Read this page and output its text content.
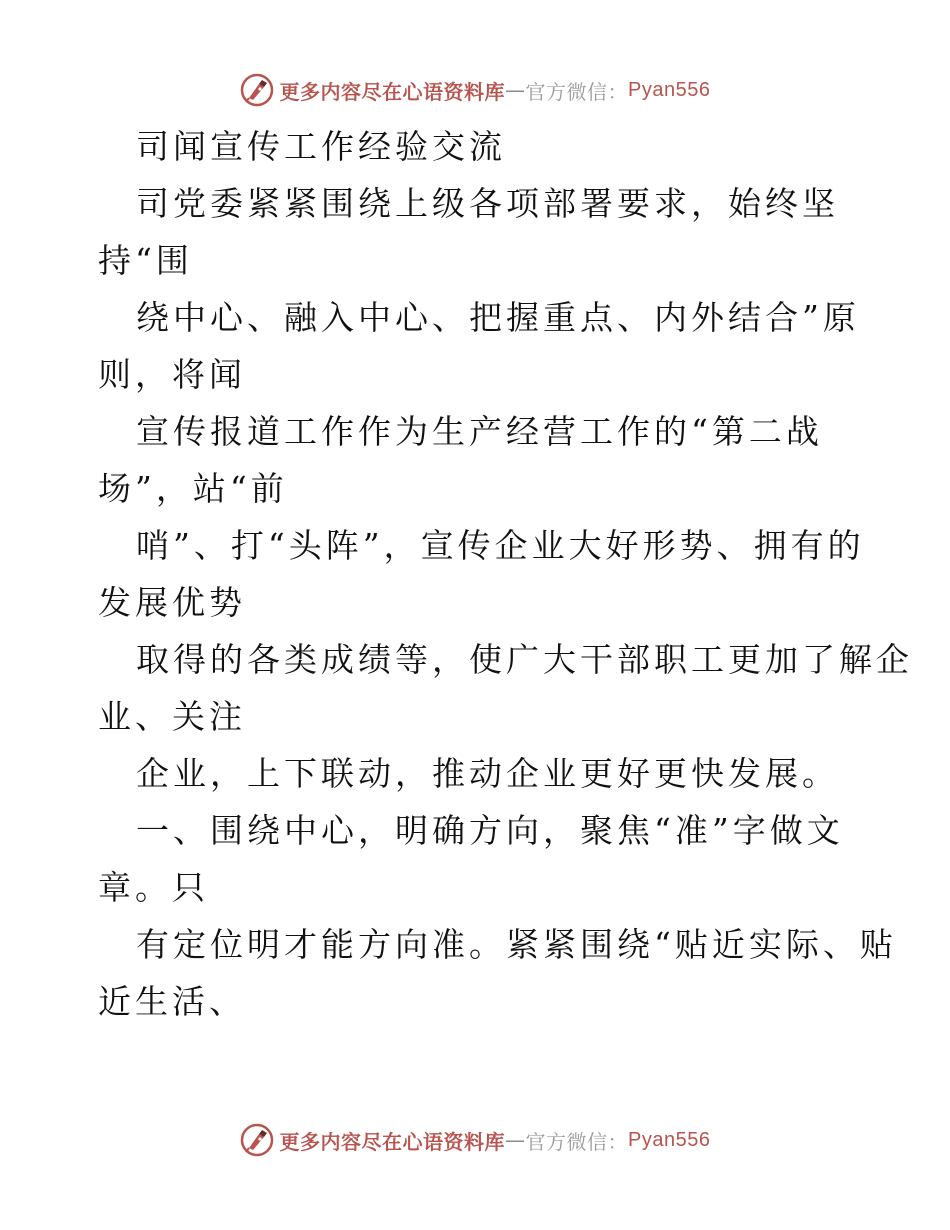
更多内容尽在心语资料库 — 官方微信： Pyan556
司闻宣传工作经验交流
司党委紧紧围绕上级各项部署要求，始终坚
持“围
绕中心、融入中心、把握重点、内外结合”原
则，将闻
宣传报道工作作为生产经营工作的“第二战
场”，站“前
哨”、打“头阵”，宣传企业大好形势、拥有的
发展优势
取得的各类成绩等，使广大干部职工更加了解企
业、关注
企业，上下联动，推动企业更好更快发展。
一、围绕中心，明确方向，聚焦“准”字做文
章。只
有定位明才能方向准。紧紧围绕“贴近实际、贴
近生活、
更多内容尽在心语资料库 — 官方微信： Pyan556
